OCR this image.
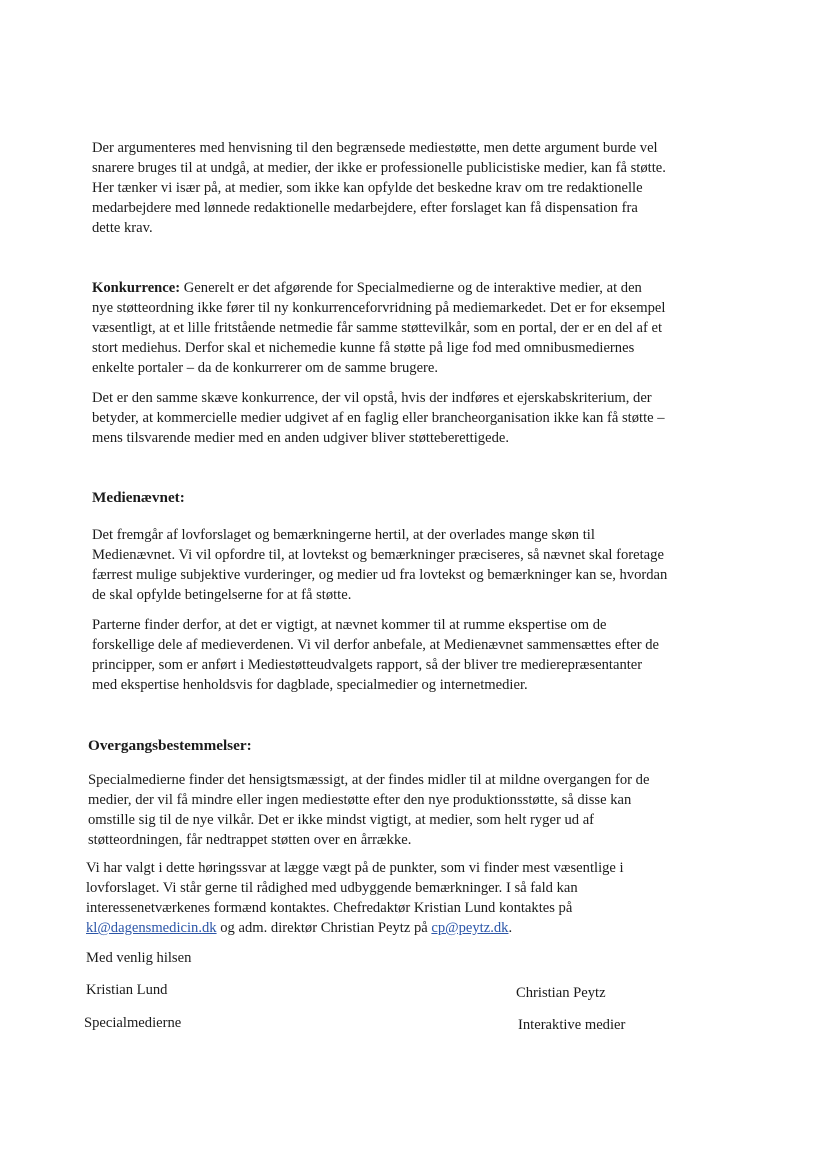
Der argumenteres med henvisning til den begrænsede mediestøtte, men dette argument burde vel
snarere bruges til at undgå, at medier, der ikke er professionelle publicistiske medier, kan få støtte.
Her tænker vi især på, at medier, som ikke kan opfylde det beskedne krav om tre redaktionelle
medarbejdere med lønnede redaktionelle medarbejdere, efter forslaget kan få dispensation fra
dette krav.

Konkurrence: Generelt er det afgørende for Specialmedierne og de interaktive medier, at den
nye støtteordning ikke fører til ny konkurrenceforvridning på mediemarkedet. Det er for eksempel
væsentligt, at et lille fritstående netmedie får samme støttevilkår, som en portal, der er en del af et
stort mediehus. Derfor skal et nichemedie kunne få støtte på lige fod med omnibusmediernes
enkelte portaler – da de konkurrerer om de samme brugere.

Det er den samme skæve konkurrence, der vil opstå, hvis der indføres et ejerskabskriterium, der
betyder, at kommercielle medier udgivet af en faglig eller brancheorganisation ikke kan få støtte –
mens tilsvarende medier med en anden udgiver bliver støtteberettigede.

Medienævnet:

Det fremgår af lovforslaget og bemærkningerne hertil, at der overlades mange skøn til
Medienævnet. Vi vil opfordre til, at lovtekst og bemærkninger præciseres, så nævnet skal foretage
færrest mulige subjektive vurderinger, og medier ud fra lovtekst og bemærkninger kan se, hvordan
de skal opfylde betingelserne for at få støtte.

Parterne finder derfor, at det er vigtigt, at nævnet kommer til at rumme ekspertise om de
forskellige dele af medieverdenen. Vi vil derfor anbefale, at Medienævnet sammensættes efter de
principper, som er anført i Mediestøtteudvalgets rapport, så der bliver tre medierepræsentanter
med ekspertise henholdsvis for dagblade, specialmedier og internetmedier.

Overgangsbestemmelser:

Specialmedierne finder det hensigtsmæssigt, at der findes midler til at mildne overgangen for de
medier, der vil få mindre eller ingen mediestøtte efter den nye produktionsstøtte, så disse kan
omstille sig til de nye vilkår. Det er ikke mindst vigtigt, at medier, som helt ryger ud af
støtteordningen, får nedtrappet støtten over en årrække.

Vi har valgt i dette høringssvar at lægge vægt på de punkter, som vi finder mest væsentlige i
lovforslaget. Vi står gerne til rådighed med udbyggende bemærkninger. I så fald kan
interessenetværkenes formænd kontaktes. Chefredaktør Kristian Lund kontaktes på
kl@dagensmedicin.dk og adm. direktør Christian Peytz på cp@peytz.dk.

Med venlig hilsen
Kristian Lund
Specialmedierne
Christian Peytz
Interaktive medier
